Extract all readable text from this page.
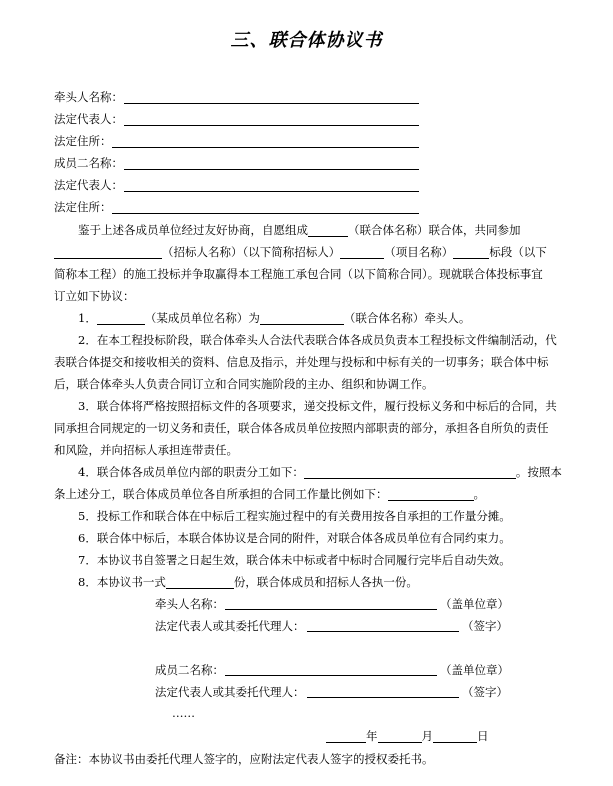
三、联合体协议书
牵头人名称：
法定代表人：
法定住所：
成员二名称：
法定代表人：
法定住所：
鉴于上述各成员单位经过友好协商，自愿组成	（联合体名称）联合体，共同参加
（招标人名称）（以下简称招标人）	（项目名称）	标段（以下
简称本工程）的施工投标并争取赢得本工程施工承包合同（以下简称合同）。现就联合体投标事宜
订立如下协议：
1．	（某成员单位名称）为	（联合体名称）牵头人。
2．在本工程投标阶段，联合体牵头人合法代表联合体各成员负责本工程投标文件编制活动，代
表联合体提交和接收相关的资料、信息及指示，并处理与投标和中标有关的一切事务；联合体中标
后，联合体牵头人负责合同订立和合同实施阶段的主办、组织和协调工作。
3．联合体将严格按照招标文件的各项要求，递交投标文件，履行投标义务和中标后的合同，共
同承担合同规定的一切义务和责任，联合体各成员单位按照内部职责的部分，承担各自所负的责任
和风险，并向招标人承担连带责任。
4．联合体各成员单位内部的职责分工如下：	。按照本
条上述分工，联合体成员单位各自所承担的合同工作量比例如下：	。
5．投标工作和联合体在中标后工程实施过程中的有关费用按各自承担的工作量分摊。
6．联合体中标后，本联合体协议是合同的附件，对联合体各成员单位有合同约束力。
7．本协议书自签署之日起生效，联合体未中标或者中标时合同履行完毕后自动失效。
8．本协议书一式	份，联合体成员和招标人各执一份。
牵头人名称：	（盖单位章）
法定代表人或其委托代理人：	（签字）
成员二名称：	（盖单位章）
法定代表人或其委托代理人：	（签字）
……
年	月	日
备注：本协议书由委托代理人签字的，应附法定代表人签字的授权委托书。
